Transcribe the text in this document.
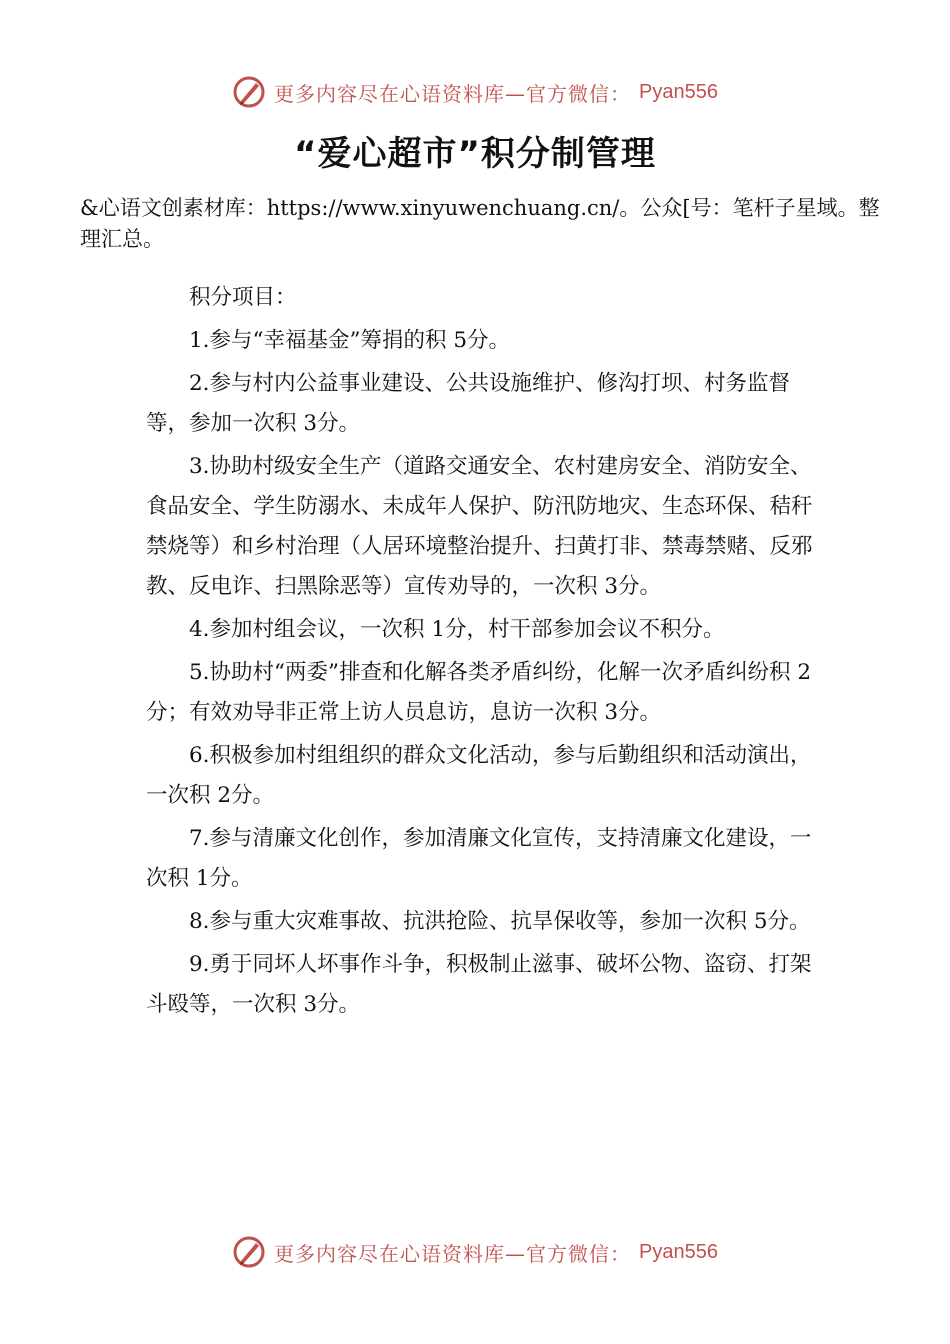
更多内容尽在心语资料库—官方微信： Pyan556
“爱心超市”积分制管理
&心语文创素材库：https://www.xinyuwenchuang.cn/。公众[号：笔杆子星域。整理汇总。

积分项目：

1.参与“幸福基金”筹捐的积 5分。

2.参与村内公益事业建设、公共设施维护、修沟打坝、村务监督等，参加一次积 3分。

3.协助村级安全生产（道路交通安全、农村建房安全、消防安全、食品安全、学生防溺水、未成年人保护、防汛防地灾、生态环保、秸秆禁烧等）和乡村治理（人居环境整治提升、扫黄打非、禁毒禁赌、反邪教、反电诈、扫黑除恶等）宣传劝导的，一次积 3分。

4.参加村组会议，一次积 1分，村干部参加会议不积分。

5.协助村“两委”排查和化解各类矛盾纠纷，化解一次矛盾纠纷积 2分；有效劝导非正常上访人员息访，息访一次积 3分。

6.积极参加村组组织的群众文化活动，参与后勤组织和活动演出，一次积 2分。

7.参与清廉文化创作，参加清廉文化宣传，支持清廉文化建设，一次积 1分。

8.参与重大灾难事故、抗洪抢险、抗旱保收等，参加一次积 5分。

9.勇于同坏人坏事作斗争，积极制止滋事、破坏公物、盗窃、打架斗殴等，一次积 3分。

更多内容尽在心语资料库—官方微信： Pyan556
